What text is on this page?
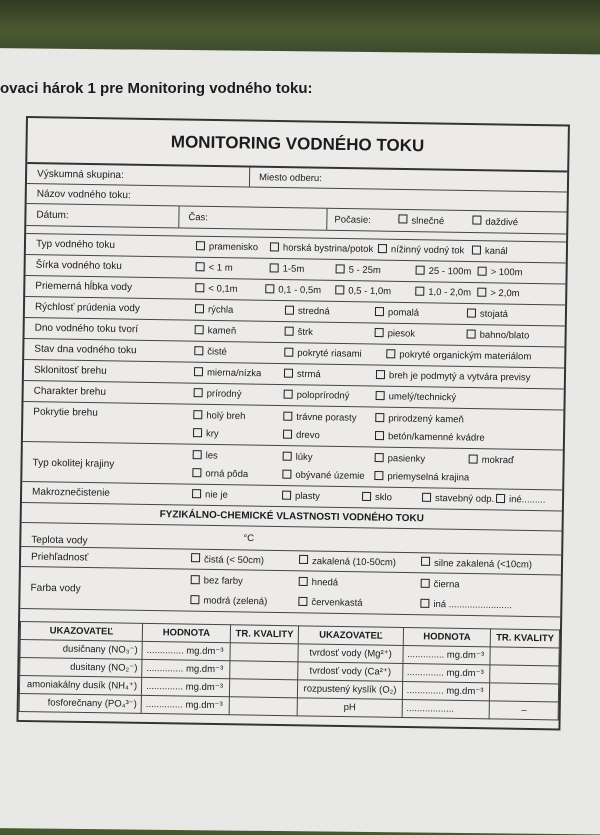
ovaci hárok 1 pre Monitoring vodného toku:
MONITORING VODNÉHO TOKU
Výskumná skupina:	Miesto odberu:
Názov vodného toku:
Dátum:	Čas:	Počasie:	slnečné	daždivé
Typ vodného toku	pramenisko	horská bystrina/potok	nížinný vodný tok	kanál
Šírka vodného toku	< 1 m	1-5m	5 - 25m	25 - 100m	> 100m
Priemerná hĺbka vody	< 0,1m	0,1 - 0,5m	0,5 - 1,0m	1,0 - 2,0m	> 2,0m
Rýchlosť prúdenia vody	rýchla	stredná	pomalá	stojatá
Dno vodného toku tvorí	kameň	štrk	piesok	bahno/blato
Stav dna vodného toku	čisté	pokryté riasami	pokryté organickým materiálom
Sklonitosť brehu	mierna/nízka	strmá	breh je podmytý a vytvára previsy
Charakter brehu	prírodný	poloprírodný	umelý/technický
Pokrytie brehu	holý breh	trávne porasty	prirodzený kameň
kry	drevo	betón/kamenné kvádre
Typ okolitej krajiny
les	lúky	pasienky	mokraď
orná pôda	obývané územie	priemyselná krajina
Makroznečistenie	nie je	plasty	sklo	stavebný odp.	iné.........
FYZIKÁLNO-CHEMICKÉ VLASTNOSTI VODNÉHO TOKU
Teplota vody	°C
Priehľadnosť	čistá (< 50cm)	zakalená (10-50cm)	silne zakalená (<10cm)
Farba vody
bez farby	hnedá	čierna
modrá (zelená)	červenkastá	iná ........................
UKAZOVATEĽ	HODNOTA	TR. KVALITY	UKAZOVATEĽ	HODNOTA	TR. KVALITY
dusičnany (NO₃⁻)	.............. mg.dm⁻³		tvrdosť vody (Mg²⁺)	.............. mg.dm⁻³	
dusitany (NO₂⁻)	.............. mg.dm⁻³		tvrdosť vody (Ca²⁺)	.............. mg.dm⁻³	
amoniakálny dusík (NH₄⁺)	.............. mg.dm⁻³		rozpustený kyslík (O₂)	.............. mg.dm⁻³	
fosforečnany (PO₄³⁻)	.............. mg.dm⁻³		pH	..................	–
